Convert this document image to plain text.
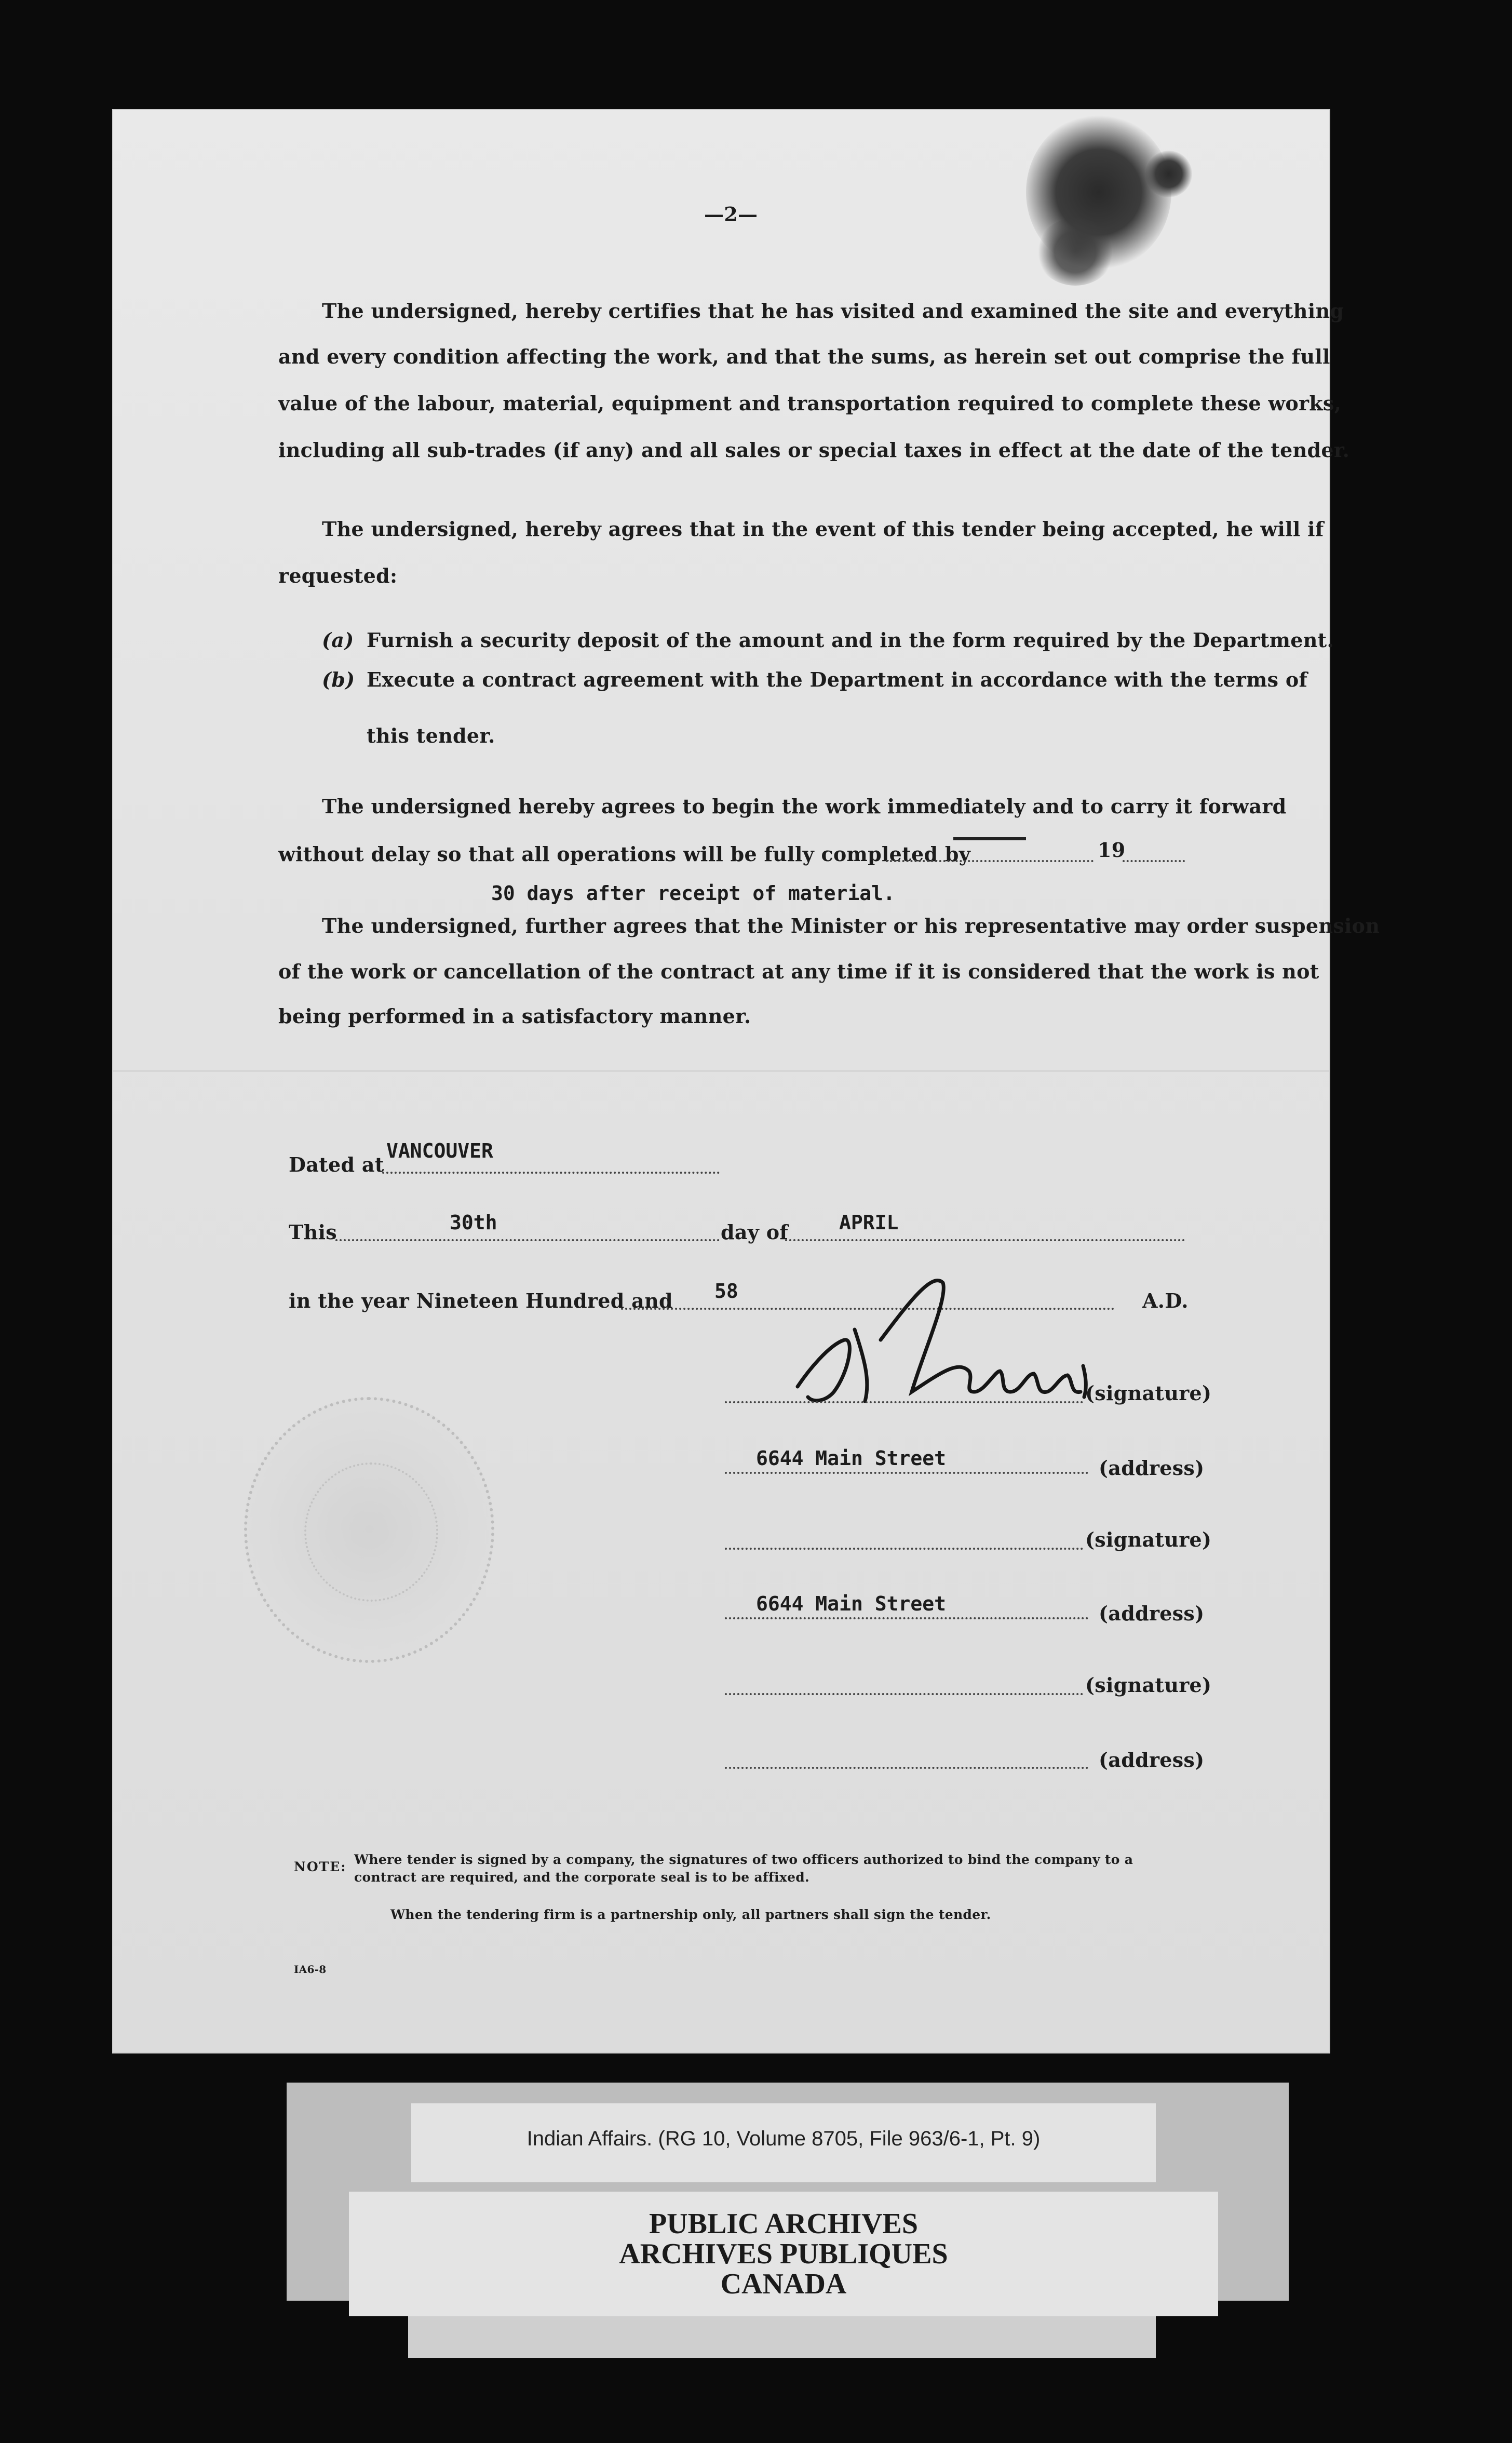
—2—
The undersigned, hereby certifies that he has visited and examined the site and everything
and every condition affecting the work, and that the sums, as herein set out comprise the full
value of the labour, material, equipment and transportation required to complete these works,
including all sub-trades (if any) and all sales or special taxes in effect at the date of the tender.
The undersigned, hereby agrees that in the event of this tender being accepted, he will if
requested:
(a) Furnish a security deposit of the amount and in the form required by the Department.
(b) Execute a contract agreement with the Department in accordance with the terms of
this tender.
The undersigned hereby agrees to begin the work immediately and to carry it forward
without delay so that all operations will be fully completed by	19
30 days after receipt of material.
The undersigned, further agrees that the Minister or his representative may order suspension
of the work or cancellation of the contract at any time if it is considered that the work is not
being performed in a satisfactory manner.
Dated at
VANCOUVER
This	30th	day of	APRIL
in the year Nineteen Hundred and 58	A.D.
(signature)
6644 Main Street	(address)
(signature)
6644 Main Street	(address)
(signature)
(address)
NOTE: Where tender is signed by a company, the signatures of two officers authorized to bind the company to a
contract are required, and the corporate seal is to be affixed.
When the tendering firm is a partnership only, all partners shall sign the tender.
IA6-8
Indian Affairs. (RG 10, Volume 8705, File 963/6-1, Pt. 9)
PUBLIC ARCHIVES
ARCHIVES PUBLIQUES
CANADA
